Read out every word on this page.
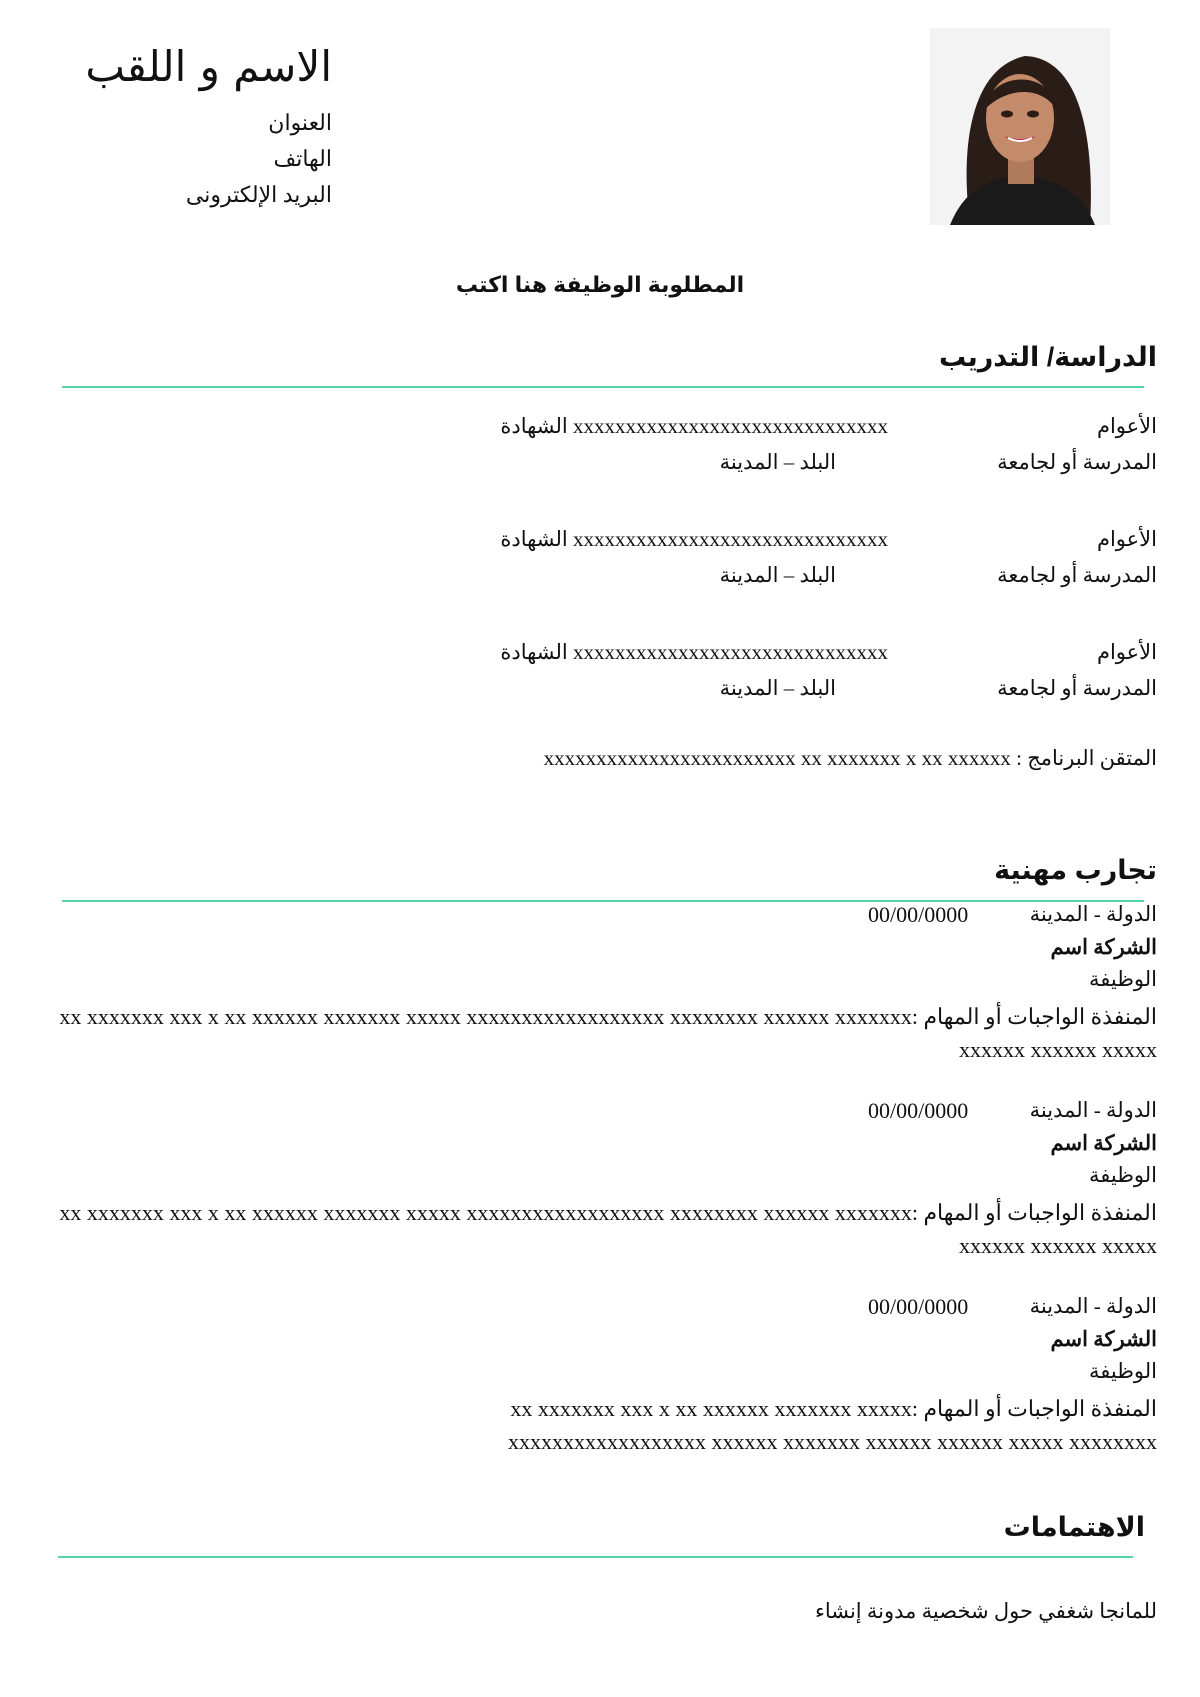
الاسم و اللقب
العنوان
الهاتف
البريد الإلكترونى
المطلوبة الوظيفة هنا اكتب
الدراسة/ التدريب
الأعوام
xxxxxxxxxxxxxxxxxxxxxxxxxxxxxx الشهادة
المدرسة أو لجامعة
البلد – المدينة
الأعوام
xxxxxxxxxxxxxxxxxxxxxxxxxxxxxx الشهادة
المدرسة أو لجامعة
البلد – المدينة
الأعوام
xxxxxxxxxxxxxxxxxxxxxxxxxxxxxx الشهادة
المدرسة أو لجامعة
البلد – المدينة
المتقن البرنامج : xxxxxxxxxxxxxxxxxxxxxxxx xx xxxxxxx x xx xxxxxx
تجارب مهنية
الدولة - المدينة
00/00/0000
الشركة اسم
الوظيفة
المنفذة الواجبات أو المهام :xx xxxxxxx xxx x xx xxxxxx xxxxxxx xxxxx xxxxxxxxxxxxxxxxxx xxxxxxxx xxxxxx xxxxxxx xxxxxx xxxxxx xxxxx
الدولة - المدينة
00/00/0000
الشركة اسم
الوظيفة
المنفذة الواجبات أو المهام :xx xxxxxxx xxx x xx xxxxxx xxxxxxx xxxxx xxxxxxxxxxxxxxxxxx xxxxxxxx xxxxxx xxxxxxx xxxxxx xxxxxx xxxxx
الدولة - المدينة
00/00/0000
الشركة اسم
الوظيفة
المنفذة الواجبات أو المهام :xx xxxxxxx xxx x xx xxxxxx xxxxxxx xxxxx xxxxxxxxxxxxxxxxxx xxxxxx xxxxxxx xxxxxx xxxxxx xxxxx xxxxxxxx
الاهتمامات
للمانجا شغفي حول شخصية مدونة إنشاء
